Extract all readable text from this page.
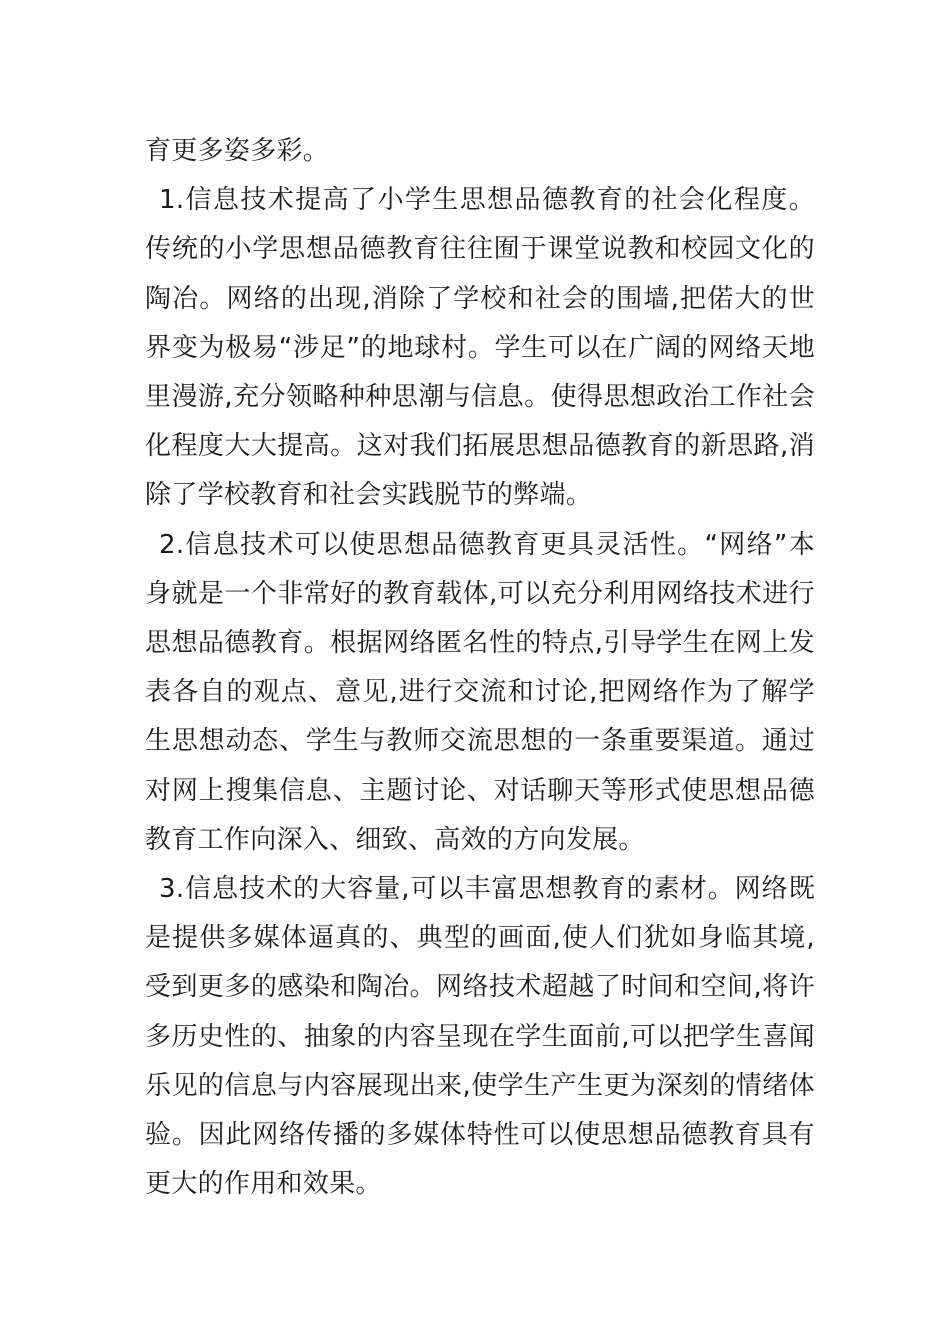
育更多姿多彩。

1.信息技术提高了小学生思想品德教育的社会化程度。传统的小学思想品德教育往往囿于课堂说教和校园文化的陶冶。网络的出现,消除了学校和社会的围墙,把偌大的世界变为极易“涉足”的地球村。学生可以在广阔的网络天地里漫游,充分领略种种思潮与信息。使得思想政治工作社会化程度大大提高。这对我们拓展思想品德教育的新思路,消除了学校教育和社会实践脱节的弊端。

2.信息技术可以使思想品德教育更具灵活性。“网络”本身就是一个非常好的教育载体,可以充分利用网络技术进行思想品德教育。根据网络匿名性的特点,引导学生在网上发表各自的观点、意见,进行交流和讨论,把网络作为了解学生思想动态、学生与教师交流思想的一条重要渠道。通过对网上搜集信息、主题讨论、对话聊天等形式使思想品德教育工作向深入、细致、高效的方向发展。

3.信息技术的大容量,可以丰富思想教育的素材。网络既是提供多媒体逼真的、典型的画面,使人们犹如身临其境,受到更多的感染和陶冶。网络技术超越了时间和空间,将许多历史性的、抽象的内容呈现在学生面前,可以把学生喜闻乐见的信息与内容展现出来,使学生产生更为深刻的情绪体验。因此网络传播的多媒体特性可以使思想品德教育具有更大的作用和效果。
